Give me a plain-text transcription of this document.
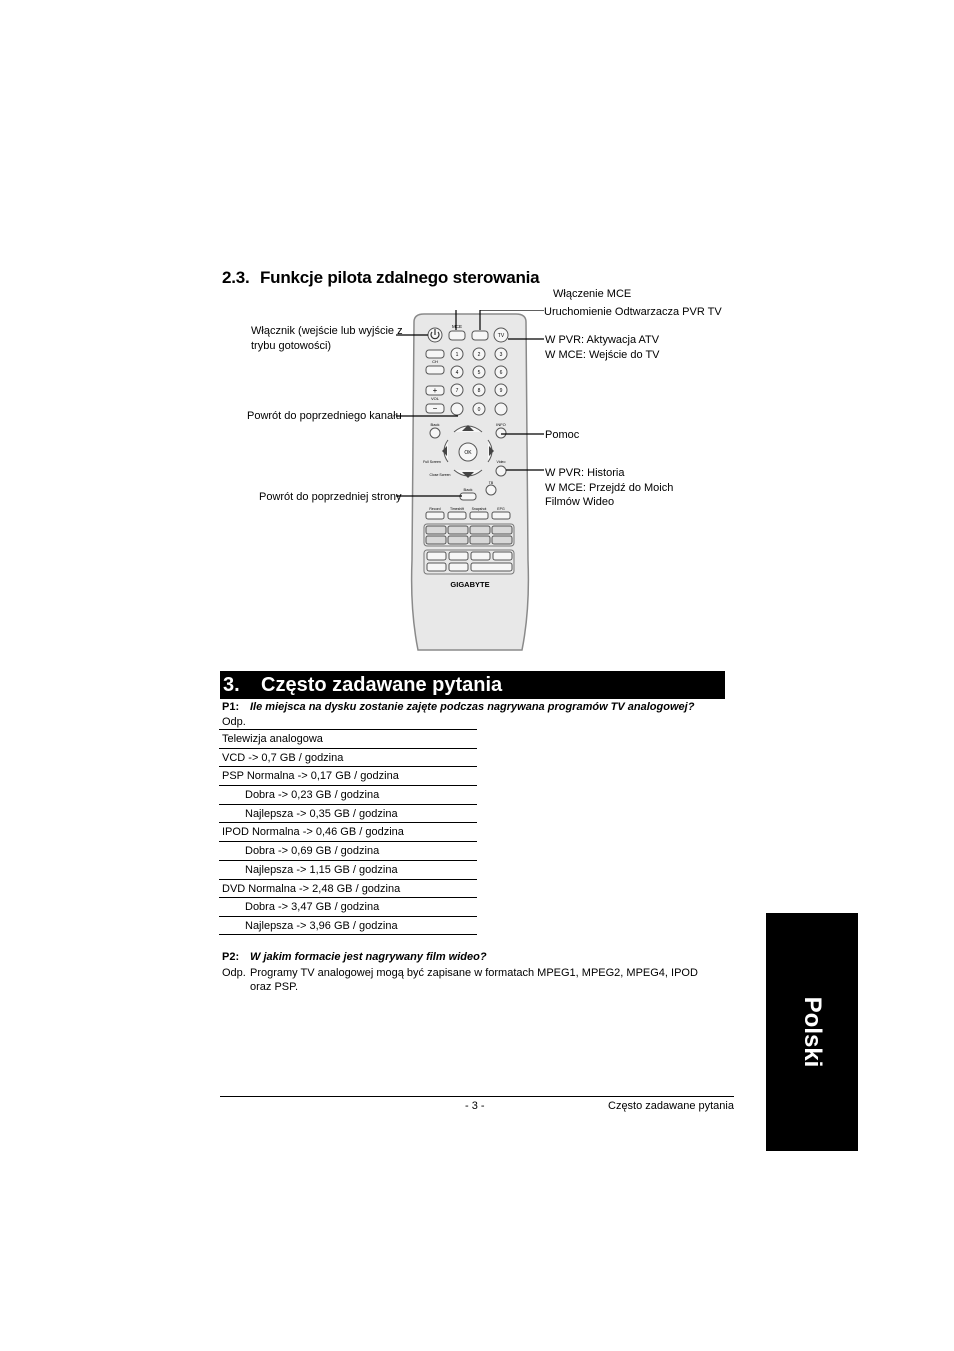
2.3. Funkcje pilota zdalnego sterowania
MCE
TV
CH
+
VOL
−
1	2	3
4	5	6
7	8	9
0
Back	INFO
OK
Full Screen
Close Screen
Video
Back
TB
Record	Timeshift Snapshot	EPG
GIGABYTE
Włącznik (wejście lub wyjście z
trybu gotowości)
Powrót do poprzedniego kanału
Powrót do poprzedniej strony
Włączenie MCE
Uruchomienie Odtwarzacza PVR TV
W PVR: Aktywacja ATV
W MCE: Wejście do TV
Pomoc
W PVR: Historia
W MCE: Przejdź do Moich
Filmów Wideo
3. Często zadawane pytania
P1: Ile miejsca na dysku zostanie zajęte podczas nagrywana programów TV analogowej?
Odp.
Telewizja analogowa
VCD -> 0,7 GB / godzina
PSP Normalna -> 0,17 GB / godzina
Dobra -> 0,23 GB / godzina
Najlepsza -> 0,35 GB / godzina
IPOD Normalna -> 0,46 GB / godzina
Dobra -> 0,69 GB / godzina
Najlepsza -> 1,15 GB / godzina
DVD Normalna -> 2,48 GB / godzina
Dobra -> 3,47 GB / godzina
Najlepsza -> 3,96 GB / godzina
P2: W jakim formacie jest nagrywany film wideo?
Odp. Programy TV analogowej mogą być zapisane w formatach MPEG1, MPEG2, MPEG4, IPOD oraz PSP.
- 3 -	Często zadawane pytania
Polski
